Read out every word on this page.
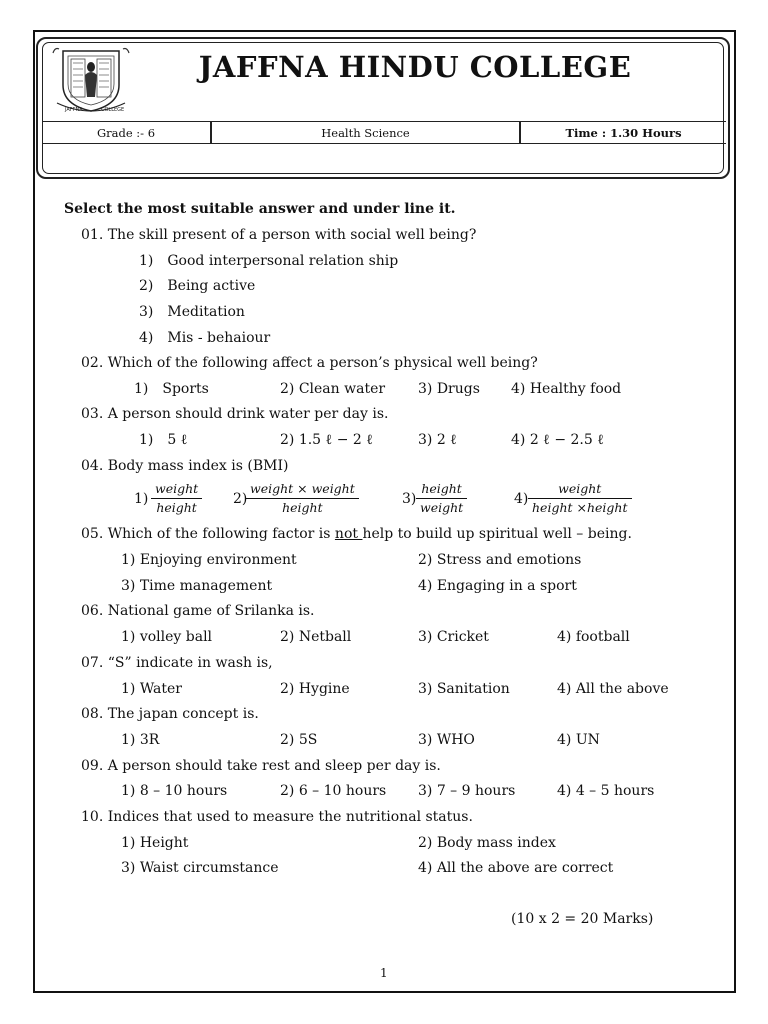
JAFFNA	COLLEGE
JAFFNA HINDU COLLEGE
Grade :- 6	Health Science	Time : 1.30 Hours
Select the most suitable answer and under line it.
01. The skill present of a person with social well being?
1) Good interpersonal relation ship
2) Being active
3) Meditation
4) Mis - behaiour
02. Which of the following affect a person’s physical well being?
1) Sports	2) Clean water 3) Drugs 4) Healthy food
03. A person should drink water per day is.
1) 5 ℓ	2) 1.5 ℓ − 2 ℓ	3) 2 ℓ	4) 2 ℓ − 2.5 ℓ
04. Body mass index is (BMI)
1)
weight
height
2)
weight × weight
height
3)
height
weight
4)
weight
height ×height
05. Which of the following factor is not help to build up spiritual well – being.
1) Enjoying environment	2) Stress and emotions
3) Time management	4) Engaging in a sport
06. National game of Srilanka is.
1) volley ball	2) Netball	3) Cricket	4) football
07. “S” indicate in wash is,
1) Water	2) Hygine	3) Sanitation	4) All the above
08. The japan concept is.
1) 3R	2) 5S	3) WHO	4) UN
09. A person should take rest and sleep per day is.
1) 8 – 10 hours	2) 6 – 10 hours 3) 7 – 9 hours	4) 4 – 5 hours
10. Indices that used to measure the nutritional status.
1) Height	2) Body mass index
3) Waist circumstance	4) All the above are correct
(10 x 2 = 20 Marks)
1
